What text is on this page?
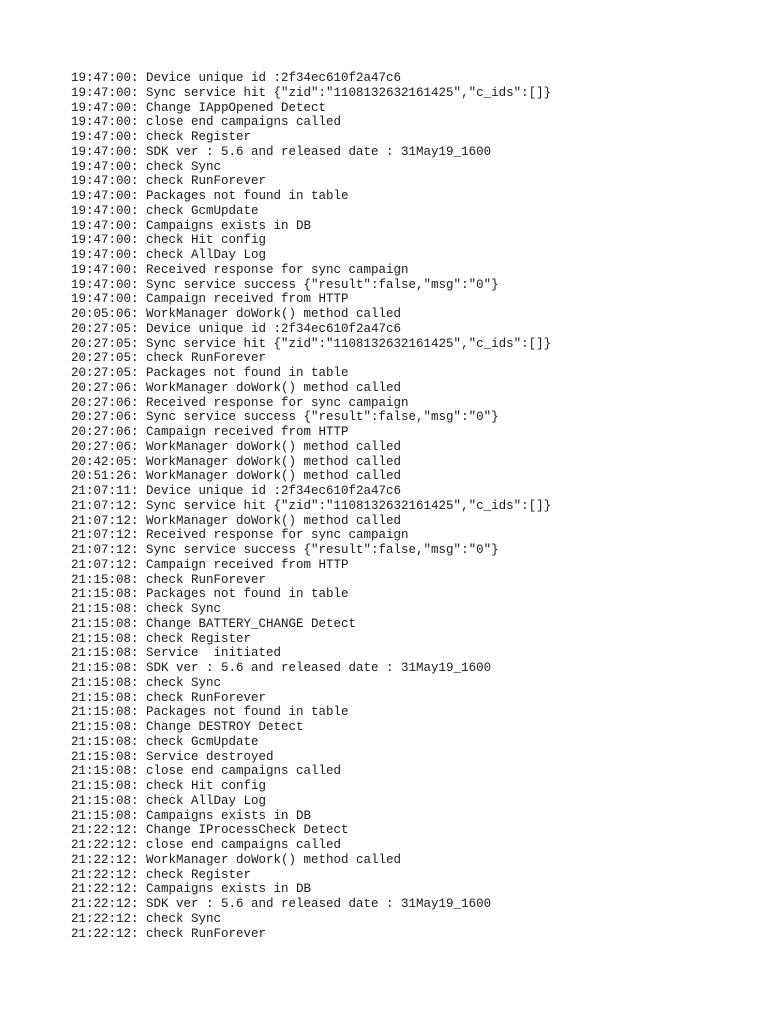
19:47:00: Device unique id :2f34ec610f2a47c6
19:47:00: Sync service hit {"zid":"1108132632161425","c_ids":[]}
19:47:00: Change IAppOpened Detect
19:47:00: close end campaigns called
19:47:00: check Register
19:47:00: SDK ver : 5.6 and released date : 31May19_1600
19:47:00: check Sync
19:47:00: check RunForever
19:47:00: Packages not found in table
19:47:00: check GcmUpdate
19:47:00: Campaigns exists in DB
19:47:00: check Hit config
19:47:00: check AllDay Log
19:47:00: Received response for sync campaign
19:47:00: Sync service success {"result":false,"msg":"0"}
19:47:00: Campaign received from HTTP
20:05:06: WorkManager doWork() method called
20:27:05: Device unique id :2f34ec610f2a47c6
20:27:05: Sync service hit {"zid":"1108132632161425","c_ids":[]}
20:27:05: check RunForever
20:27:05: Packages not found in table
20:27:06: WorkManager doWork() method called
20:27:06: Received response for sync campaign
20:27:06: Sync service success {"result":false,"msg":"0"}
20:27:06: Campaign received from HTTP
20:27:06: WorkManager doWork() method called
20:42:05: WorkManager doWork() method called
20:51:26: WorkManager doWork() method called
21:07:11: Device unique id :2f34ec610f2a47c6
21:07:12: Sync service hit {"zid":"1108132632161425","c_ids":[]}
21:07:12: WorkManager doWork() method called
21:07:12: Received response for sync campaign
21:07:12: Sync service success {"result":false,"msg":"0"}
21:07:12: Campaign received from HTTP
21:15:08: check RunForever
21:15:08: Packages not found in table
21:15:08: check Sync
21:15:08: Change BATTERY_CHANGE Detect
21:15:08: check Register
21:15:08: Service  initiated
21:15:08: SDK ver : 5.6 and released date : 31May19_1600
21:15:08: check Sync
21:15:08: check RunForever
21:15:08: Packages not found in table
21:15:08: Change DESTROY Detect
21:15:08: check GcmUpdate
21:15:08: Service destroyed
21:15:08: close end campaigns called
21:15:08: check Hit config
21:15:08: check AllDay Log
21:15:08: Campaigns exists in DB
21:22:12: Change IProcessCheck Detect
21:22:12: close end campaigns called
21:22:12: WorkManager doWork() method called
21:22:12: check Register
21:22:12: Campaigns exists in DB
21:22:12: SDK ver : 5.6 and released date : 31May19_1600
21:22:12: check Sync
21:22:12: check RunForever
